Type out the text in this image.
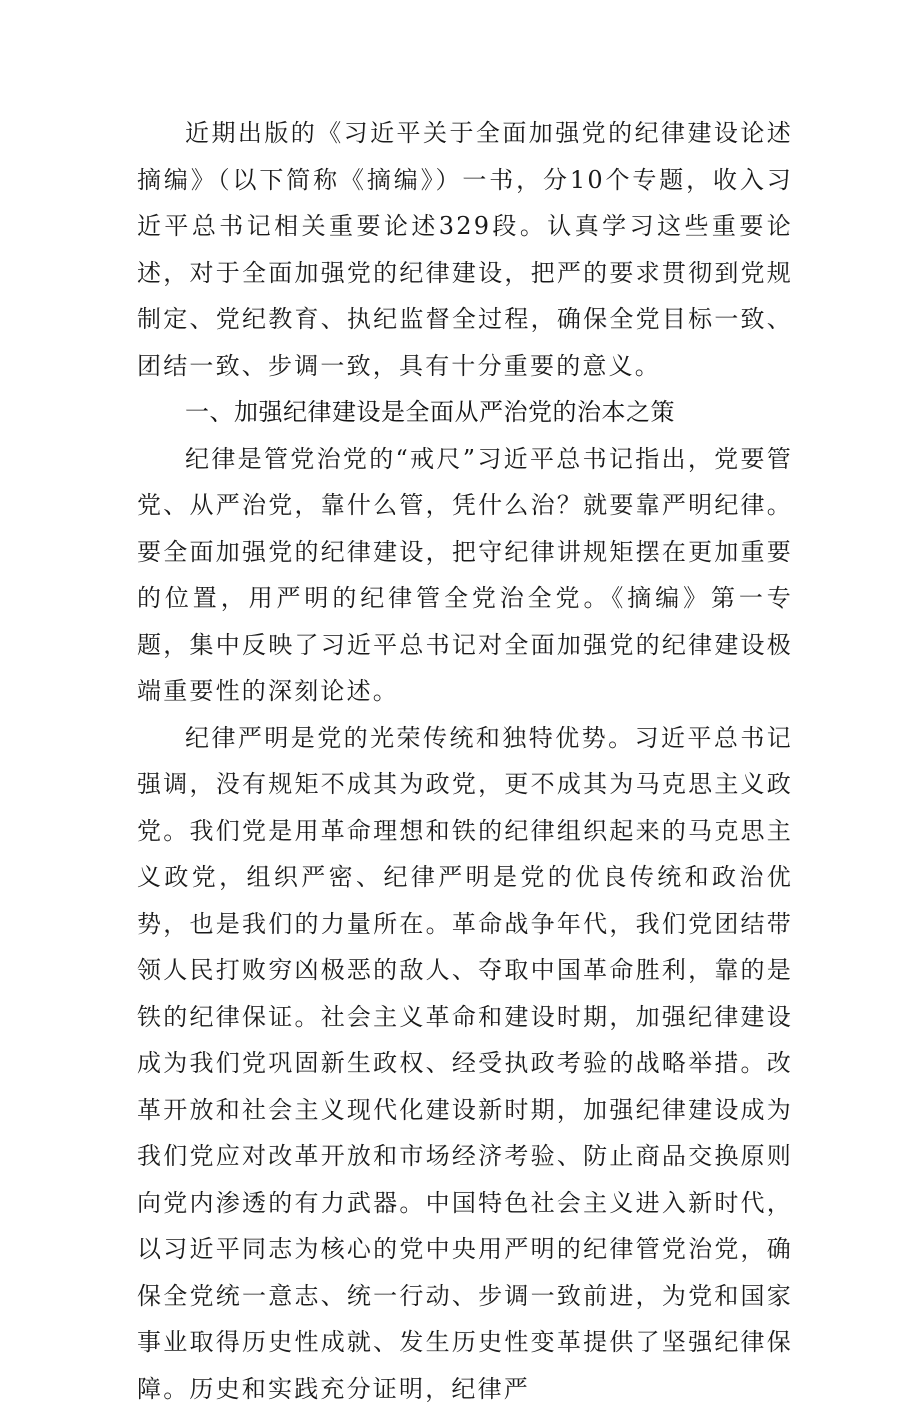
近期出版的《习近平关于全面加强党的纪律建设论述摘编》（以下简称《摘编》）一书，分10个专题，收入习近平总书记相关重要论述329段。认真学习这些重要论述，对于全面加强党的纪律建设，把严的要求贯彻到党规制定、党纪教育、执纪监督全过程，确保全党目标一致、团结一致、步调一致，具有十分重要的意义。

一、加强纪律建设是全面从严治党的治本之策

纪律是管党治党的“戒尺”习近平总书记指出，党要管党、从严治党，靠什么管，凭什么治？就要靠严明纪律。要全面加强党的纪律建设，把守纪律讲规矩摆在更加重要的位置，用严明的纪律管全党治全党。《摘编》第一专题，集中反映了习近平总书记对全面加强党的纪律建设极端重要性的深刻论述。

纪律严明是党的光荣传统和独特优势。习近平总书记强调，没有规矩不成其为政党，更不成其为马克思主义政党。我们党是用革命理想和铁的纪律组织起来的马克思主义政党，组织严密、纪律严明是党的优良传统和政治优势，也是我们的力量所在。革命战争年代，我们党团结带领人民打败穷凶极恶的敌人、夺取中国革命胜利，靠的是铁的纪律保证。社会主义革命和建设时期，加强纪律建设成为我们党巩固新生政权、经受执政考验的战略举措。改革开放和社会主义现代化建设新时期，加强纪律建设成为我们党应对改革开放和市场经济考验、防止商品交换原则向党内渗透的有力武器。中国特色社会主义进入新时代，以习近平同志为核心的党中央用严明的纪律管党治党，确保全党统一意志、统一行动、步调一致前进，为党和国家事业取得历史性成就、发生历史性变革提供了坚强纪律保障。历史和实践充分证明，纪律严
